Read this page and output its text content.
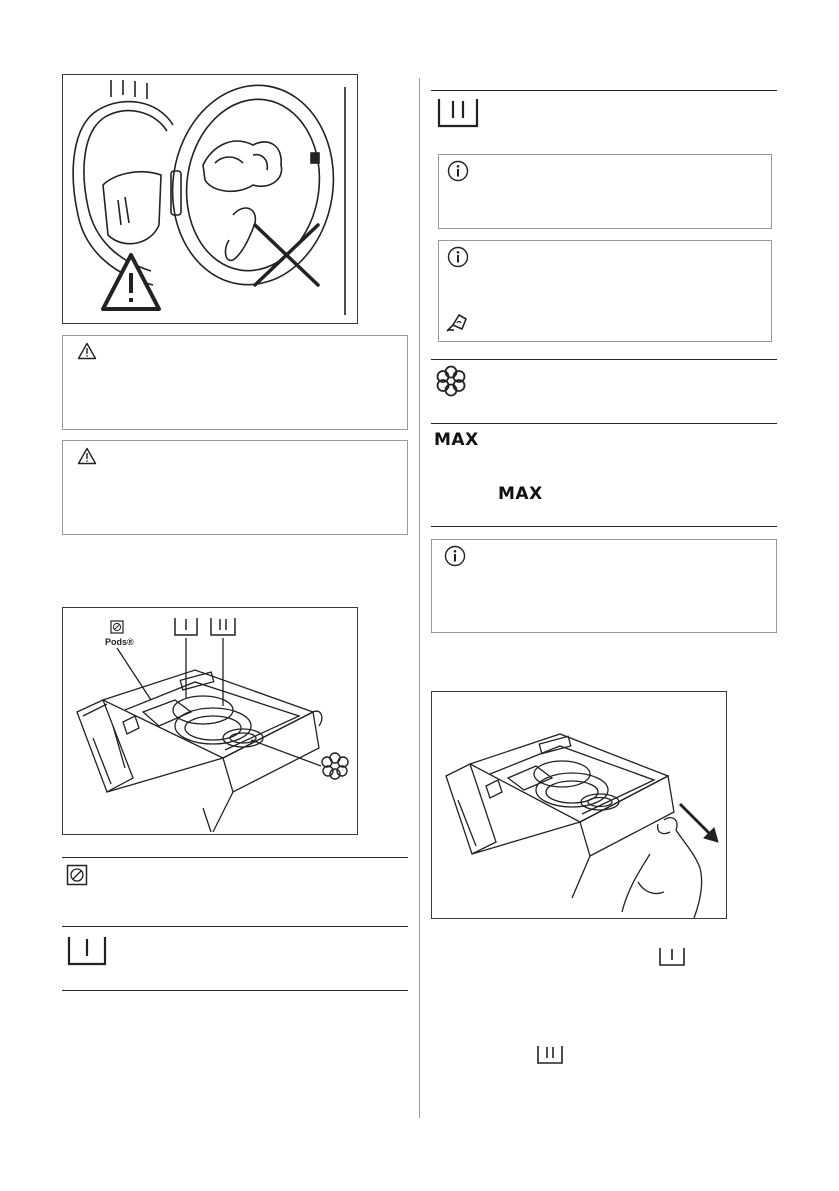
Pods®
MAX
MAX
